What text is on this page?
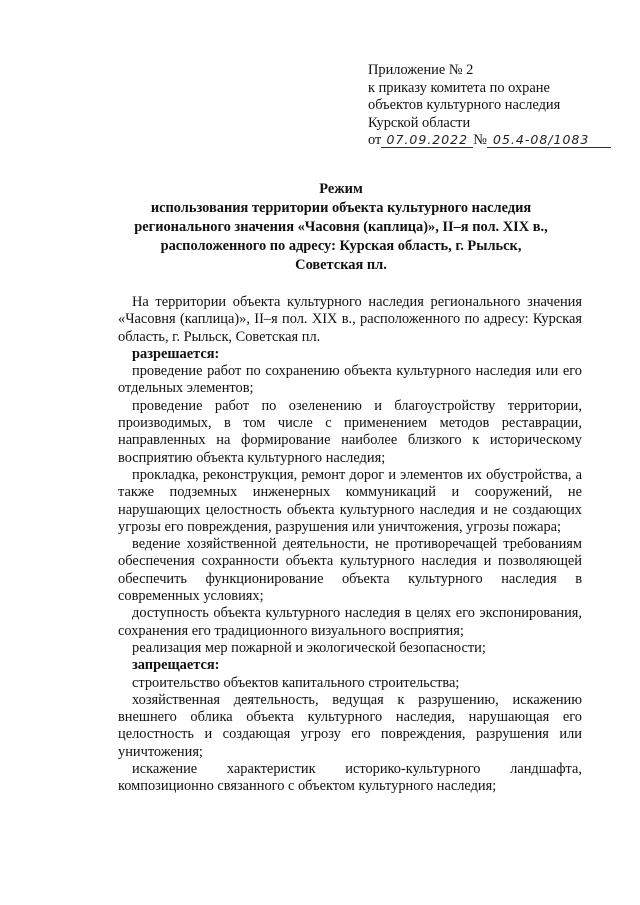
Приложение № 2
к приказу комитета по охране
объектов культурного наследия
Курской области
от 07.09.2022 № 05.4-08/1083
Режим
использования территории объекта культурного наследия
регионального значения «Часовня (каплица)», II–я пол. XIX в.,
расположенного по адресу: Курская область, г. Рыльск,
Советская пл.

На территории объекта культурного наследия регионального значения «Часовня (каплица)», II–я пол. XIX в., расположенного по адресу: Курская область, г. Рыльск, Советская пл.

разрешается:

проведение работ по сохранению объекта культурного наследия или его отдельных элементов;

проведение работ по озеленению и благоустройству территории, производимых, в том числе с применением методов реставрации, направленных на формирование наиболее близкого к историческому восприятию объекта культурного наследия;

прокладка, реконструкция, ремонт дорог и элементов их обустройства, а также подземных инженерных коммуникаций и сооружений, не нарушающих целостность объекта культурного наследия и не создающих угрозы его повреждения, разрушения или уничтожения, угрозы пожара;

ведение хозяйственной деятельности, не противоречащей требованиям обеспечения сохранности объекта культурного наследия и позволяющей обеспечить функционирование объекта культурного наследия в современных условиях;

доступность объекта культурного наследия в целях его экспонирования, сохранения его традиционного визуального восприятия;

реализация мер пожарной и экологической безопасности;

запрещается:

строительство объектов капитального строительства;

хозяйственная деятельность, ведущая к разрушению, искажению внешнего облика объекта культурного наследия, нарушающая его целостность и создающая угрозу его повреждения, разрушения или уничтожения;

искажение характеристик историко-культурного ландшафта, композиционно связанного с объектом культурного наследия;
